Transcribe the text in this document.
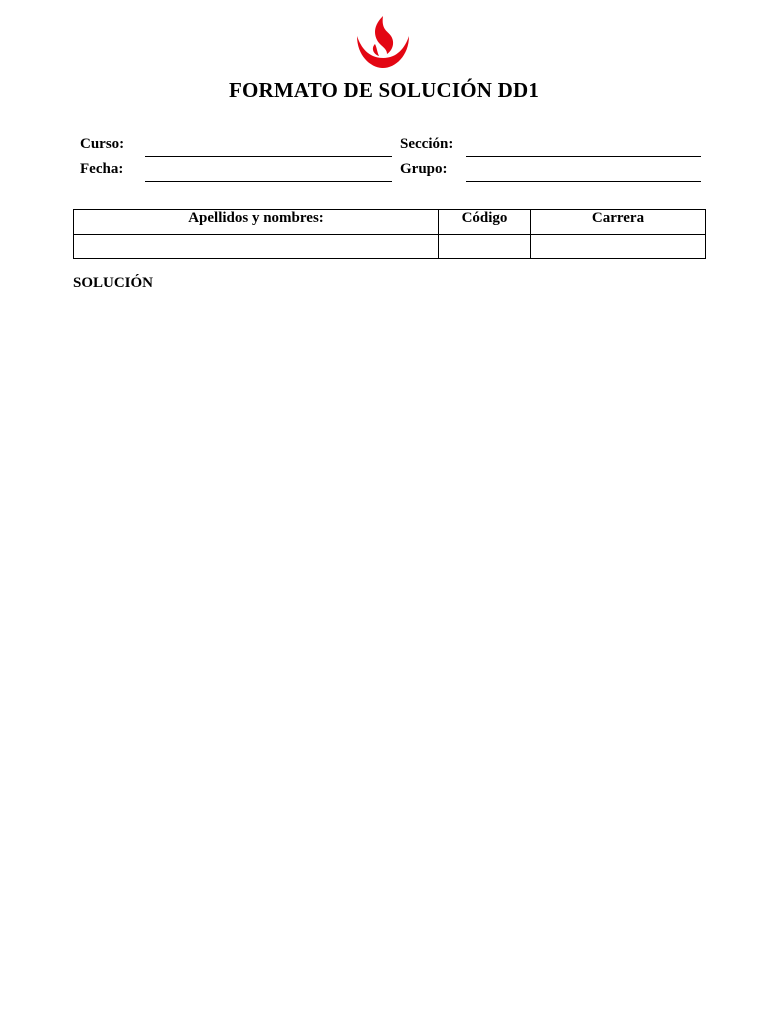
FORMATO DE SOLUCIÓN DD1
Curso:	Sección:
Fecha:	Grupo:
Apellidos y nombres:	Código	Carrera

SOLUCIÓN
